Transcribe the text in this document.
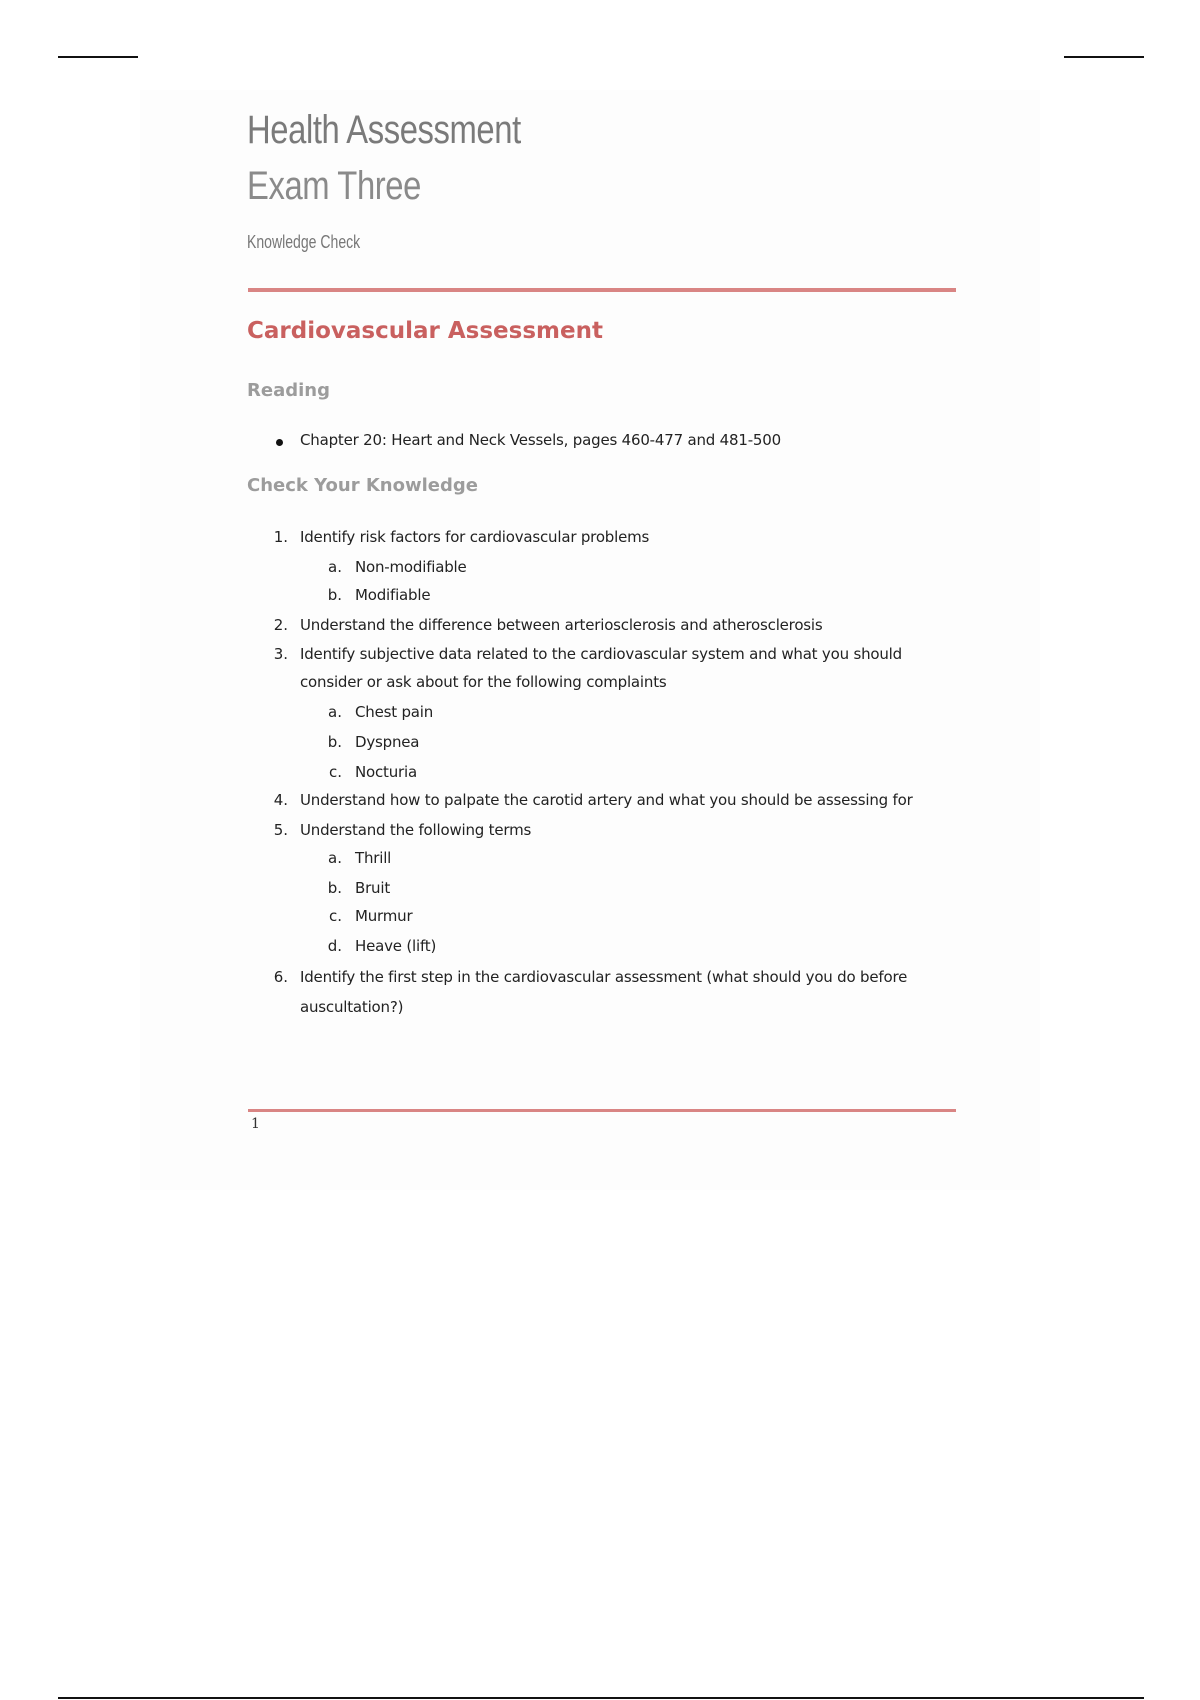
Health Assessment
Exam Three
Knowledge Check
Cardiovascular Assessment
Reading
Chapter 20: Heart and Neck Vessels, pages 460-477 and 481-500
Check Your Knowledge
1. Identify risk factors for cardiovascular problems
a. Non-modifiable
b. Modifiable
2. Understand the difference between arteriosclerosis and atherosclerosis
3. Identify subjective data related to the cardiovascular system and what you should
consider or ask about for the following complaints
a. Chest pain
b. Dyspnea
c. Nocturia
4. Understand how to palpate the carotid artery and what you should be assessing for
5. Understand the following terms
a. Thrill
b. Bruit
c. Murmur
d. Heave (lift)
6. Identify the first step in the cardiovascular assessment (what should you do before
auscultation?)
1
